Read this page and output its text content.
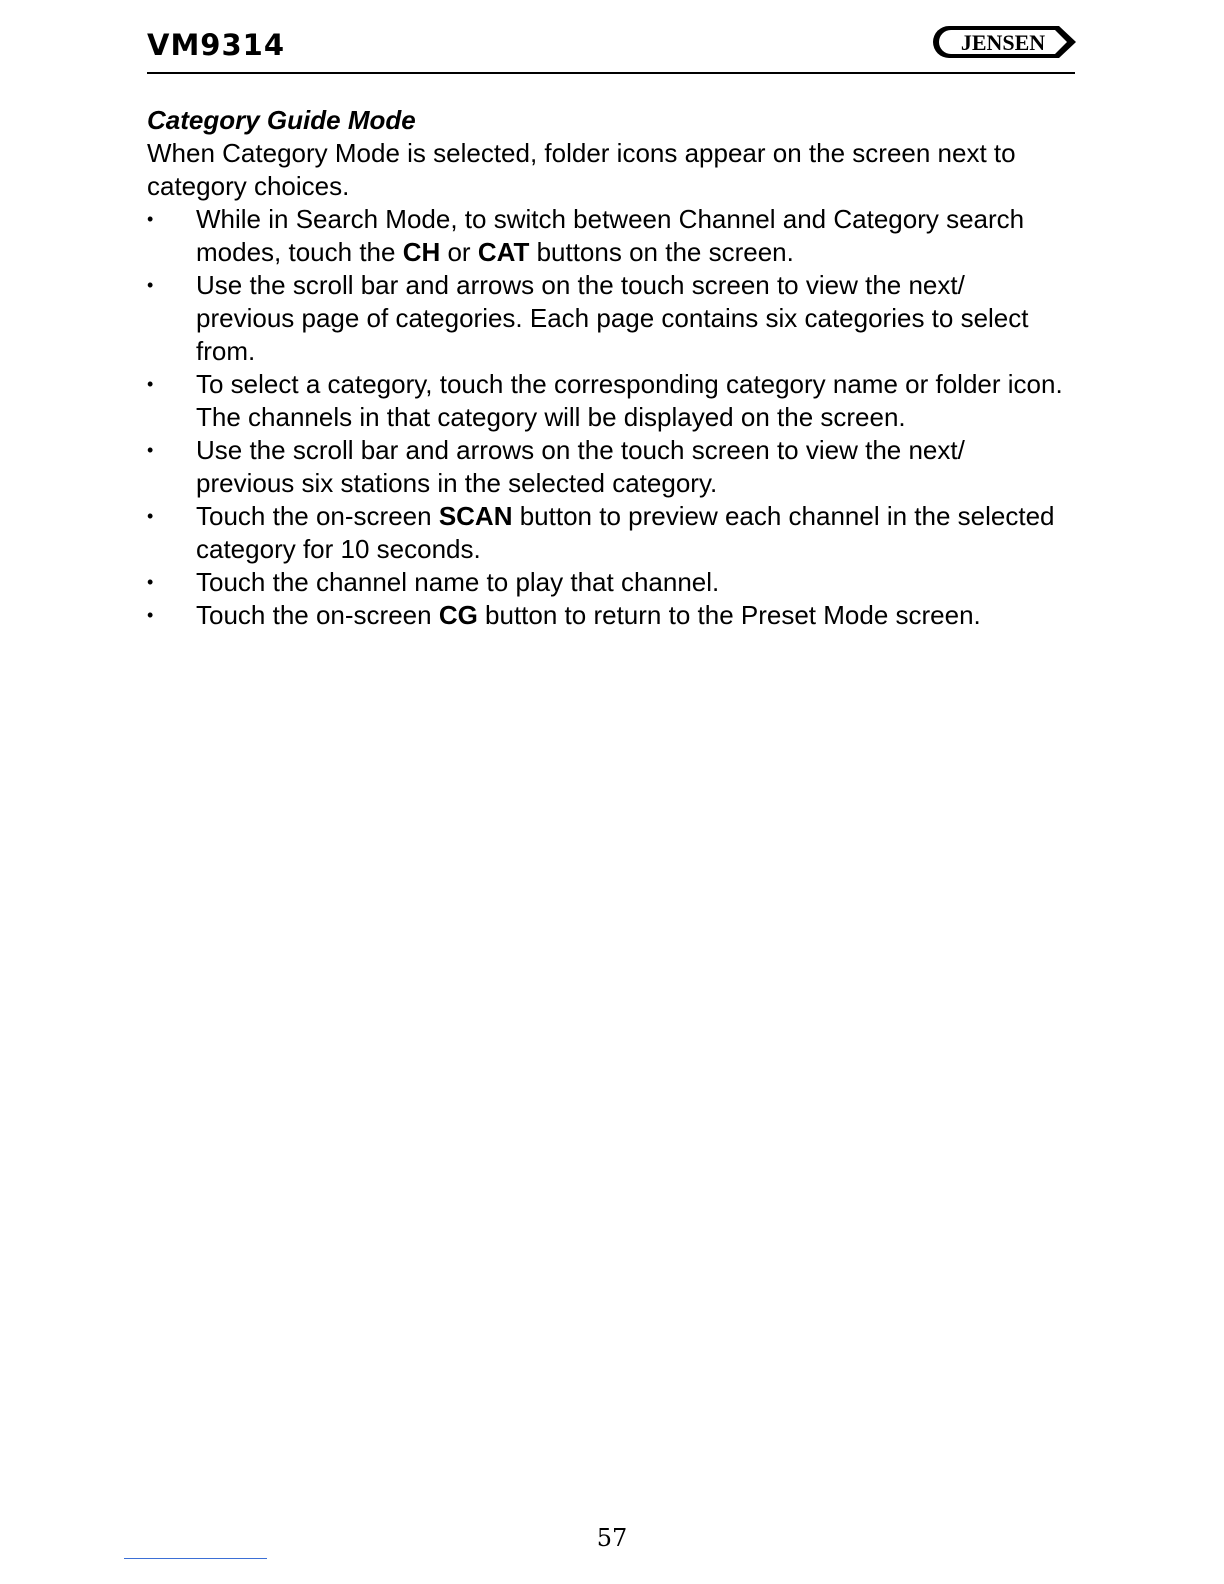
VM9314	JENSEN

Category Guide Mode

When Category Mode is selected, folder icons appear on the screen next to category choices.

•	While in Search Mode, to switch between Channel and Category search modes, touch the CH or CAT buttons on the screen.
•	Use the scroll bar and arrows on the touch screen to view the next/ previous page of categories. Each page contains six categories to select from.
•	To select a category, touch the corresponding category name or folder icon. The channels in that category will be displayed on the screen.
•	Use the scroll bar and arrows on the touch screen to view the next/ previous six stations in the selected category.
•	Touch the on-screen SCAN button to preview each channel in the selected category for 10 seconds.
•	Touch the channel name to play that channel.
•	Touch the on-screen CG button to return to the Preset Mode screen.
57
